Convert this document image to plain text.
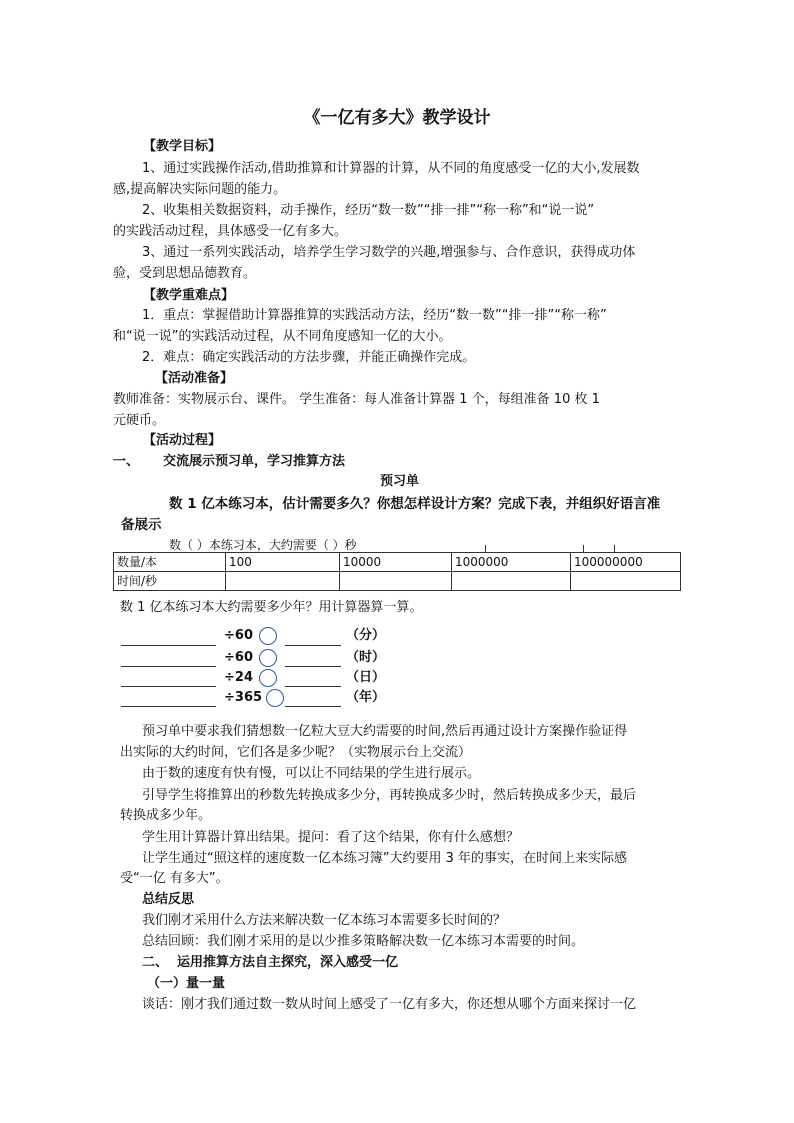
《一亿有多大》教学设计
【教学目标】
1、通过实践操作活动,借助推算和计算器的计算，从不同的角度感受一亿的大小,发展数
感,提高解决实际问题的能力。
2、收集相关数据资料，动手操作，经历“数一数”“排一排”“称一称”和“说一说”
的实践活动过程，具体感受一亿有多大。
3、通过一系列实践活动，培养学生学习数学的兴趣,增强参与、合作意识，获得成功体
验，受到思想品德教育。
【教学重难点】
1．重点：掌握借助计算器推算的实践活动方法，经历“数一数”“排一排”“称一称”
和“说一说”的实践活动过程，从不同角度感知一亿的大小。
2．难点：确定实践活动的方法步骤，并能正确操作完成。
【活动准备】
教师准备：实物展示台、课件。 学生准备：每人准备计算器 1 个，每组准备 10 枚 1
元硬币。
【活动过程】
一、 交流展示预习单，学习推算方法
预习单
数 1 亿本练习本，估计需要多久？你想怎样设计方案？完成下表，并组织好语言准
备展示
数（ ）本练习本，大约需要（ ）秒
数量/本	100	10000	1000000	100000000
时间/秒				
数 1 亿本练习本大约需要多少年？用计算器算一算。
÷60	（分）
÷60	（时）
÷24	（日）
÷365	（年）
预习单中要求我们猜想数一亿粒大豆大约需要的时间,然后再通过设计方案操作验证得
出实际的大约时间，它们各是多少呢？（实物展示台上交流）
由于数的速度有快有慢，可以让不同结果的学生进行展示。
引导学生将推算出的秒数先转换成多少分，再转换成多少时，然后转换成多少天，最后
转换成多少年。
学生用计算器计算出结果。提问：看了这个结果，你有什么感想？
让学生通过“照这样的速度数一亿本练习簿”大约要用 3 年的事实，在时间上来实际感
受“一亿 有多大”。
总结反思
我们刚才采用什么方法来解决数一亿本练习本需要多长时间的？
总结回顾：我们刚才采用的是以少推多策略解决数一亿本练习本需要的时间。
二、 运用推算方法自主探究，深入感受一亿
（一）量一量
谈话：刚才我们通过数一数从时间上感受了一亿有多大，你还想从哪个方面来探讨一亿
